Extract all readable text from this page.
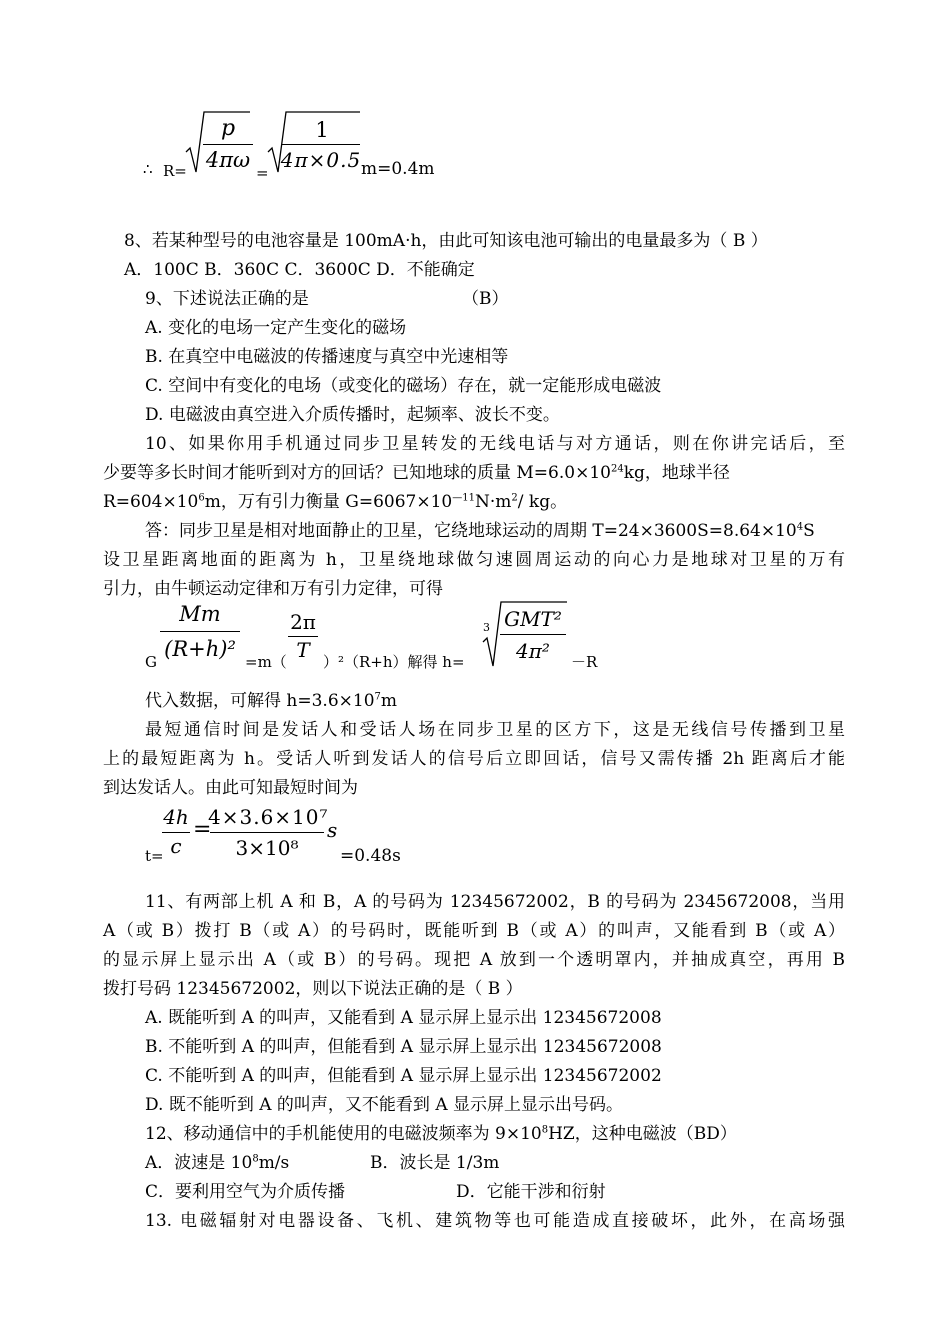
∴ R=
p
4πω
=
1
4π×0.5 m=0.4m
8、若某种型号的电池容量是 100mA·h，由此可知该电池可输出的电量最多为（ B ）
A．100C B．360C C．3600C D．不能确定
9、下述说法正确的是	（B）
A. 变化的电场一定产生变化的磁场
B. 在真空中电磁波的传播速度与真空中光速相等
C. 空间中有变化的电场（或变化的磁场）存在，就一定能形成电磁波
D. 电磁波由真空进入介质传播时，起频率、波长不变。
10、如果你用手机通过同步卫星转发的无线电话与对方通话，则在你讲完话后，至
少要等多长时间才能听到对方的回话？已知地球的质量 $M=6.0\times 10^{24}kg$，地球半径
$R=604\times 10^6m$，万有引力衡量 $G=6067\times 10^{—11}N\cdot m^2/$ kg。
答：同步卫星是相对地面静止的卫星，它绕地球运动的周期 $T=24\times 3600S=8.64\times 10^4S$
设卫星距离地面的距离为 h，卫星绕地球做匀速圆周运动的向心力是地球对卫星的万有
引力，由牛顿运动定律和万有引力定律，可得
G
Mm
(R+h)²
=m（
2π
T ）²（R+h）解得 h=
3 GMT²
4π²	－R
代入数据，可解得 $h=3.6\times 10^7m$
最短通信时间是发话人和受话人场在同步卫星的区方下，这是无线信号传播到卫星
上的最短距离为 h。受话人听到发话人的信号后立即回话，信号又需传播 2h 距离后才能
到达发话人。由此可知最短时间为
t=
4h
c
=
4×3.6×10⁷
3×10⁸
s
=0.48s
11、有两部上机 A 和 B，A 的号码为 12345672002，B 的号码为 2345672008，当用
A（或 B）拨打 B（或 A）的号码时，既能听到 B（或 A）的叫声，又能看到 B（或 A）
的显示屏上显示出 A（或 B）的号码。现把 A 放到一个透明罩内，并抽成真空，再用 B
拨打号码 12345672002，则以下说法正确的是（ B ）
A. 既能听到 A 的叫声，又能看到 A 显示屏上显示出 12345672008
B. 不能听到 A 的叫声，但能看到 A 显示屏上显示出 12345672008
C. 不能听到 A 的叫声，但能看到 A 显示屏上显示出 12345672002
D. 既不能听到 A 的叫声，又不能看到 A 显示屏上显示出号码。
12、移动通信中的手机能使用的电磁波频率为 $9\times 10^8HZ$，这种电磁波（BD）
A．波速是 $10^8m/s$	B．波长是 1/3m
C．要利用空气为介质传播	D．它能干涉和衍射
13. 电磁辐射对电器设备、飞机、建筑物等也可能造成直接破坏，此外，在高场强
